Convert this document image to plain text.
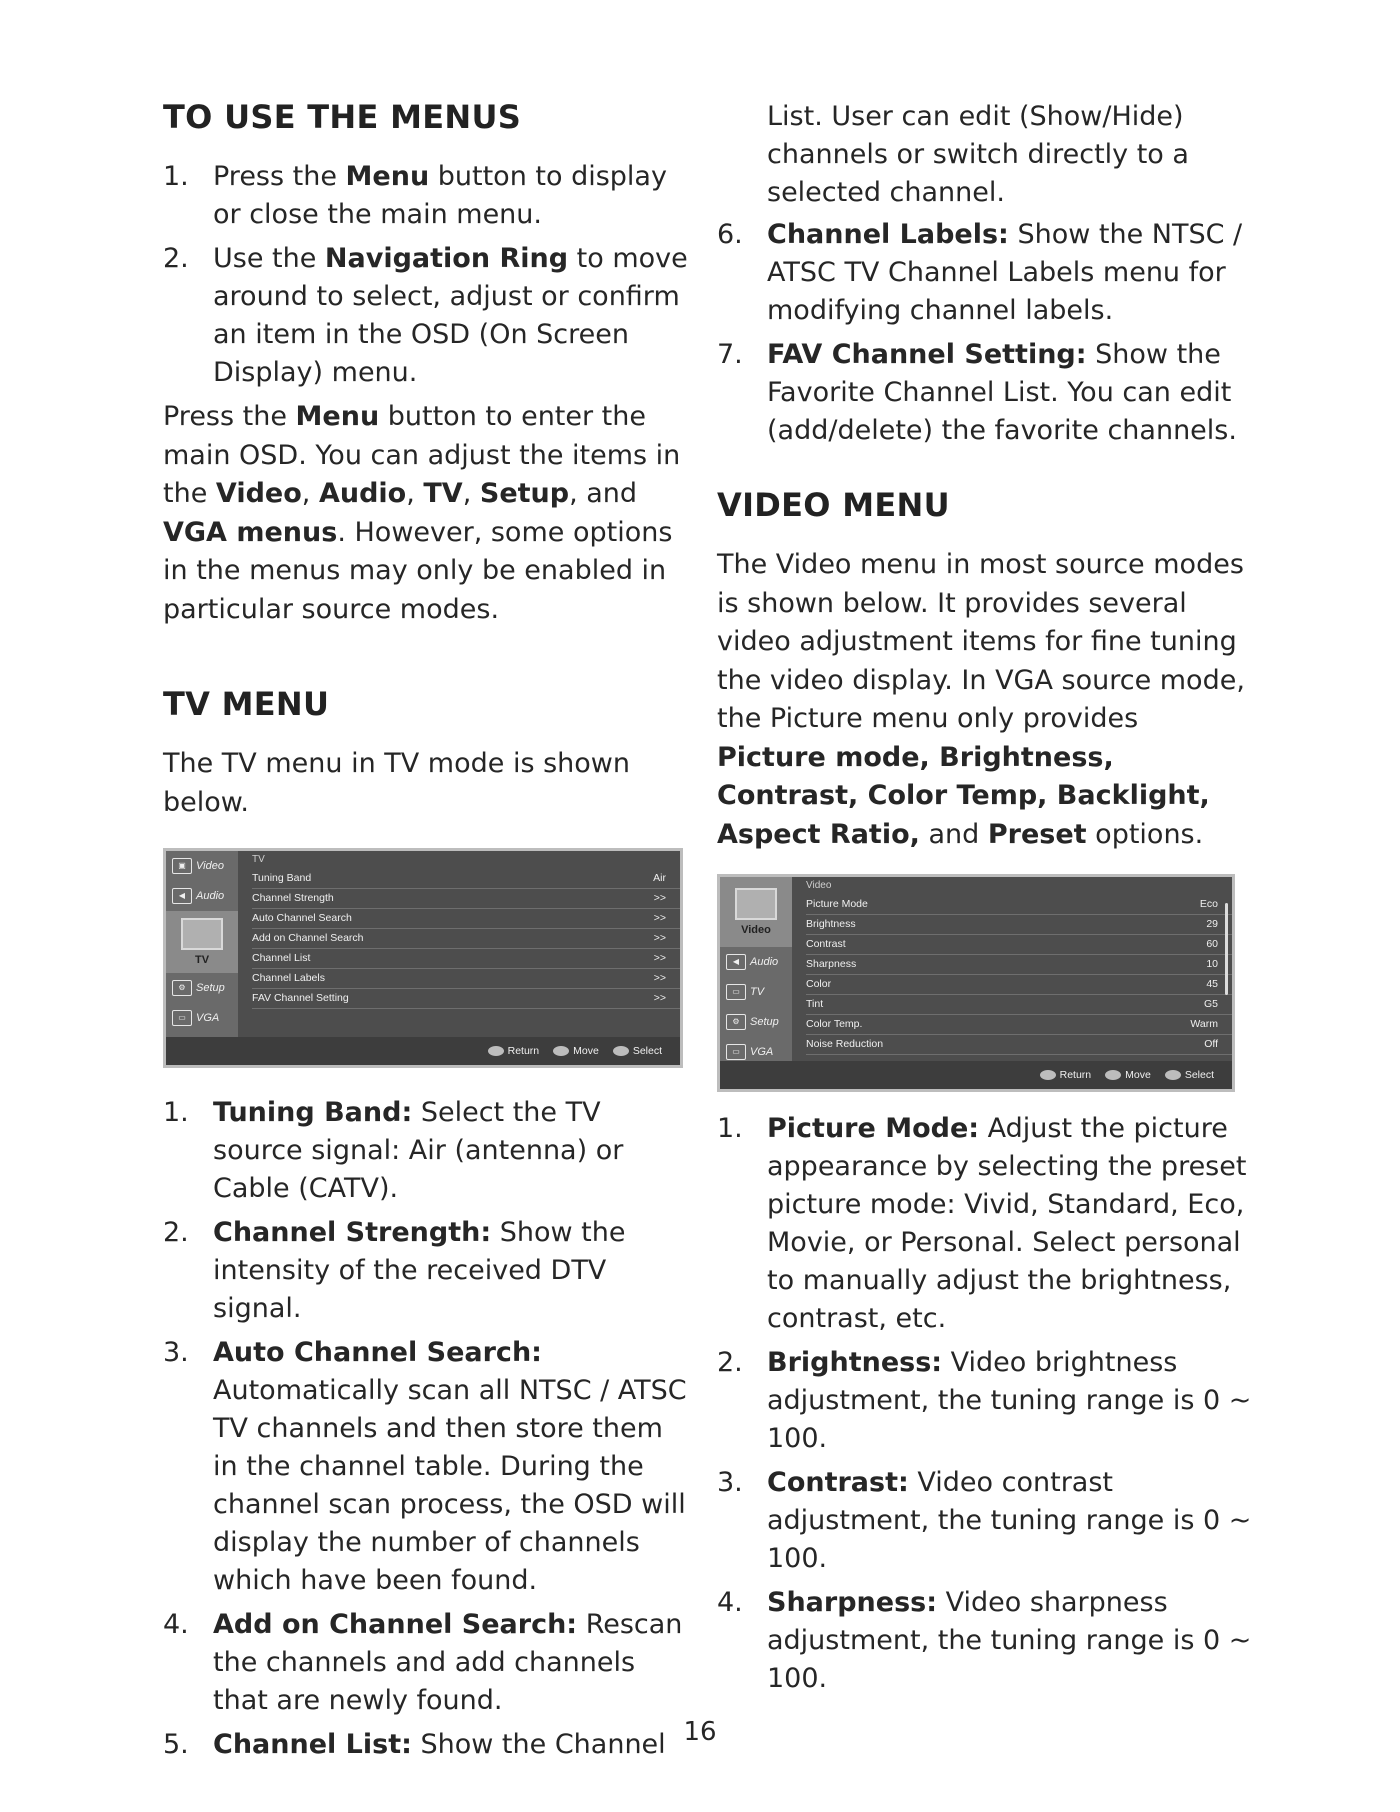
TO USE THE MENUS
1. Press the Menu button to display or close the main menu.
2. Use the Navigation Ring to move around to select, adjust or confirm an item in the OSD (On Screen Display) menu.

Press the Menu button to enter the main OSD. You can adjust the items in the Video, Audio, TV, Setup, and VGA menus. However, some options in the menus may only be enabled in particular source modes.

TV MENU

The TV menu in TV mode is shown below.

▣ Video
◀ Audio
TV
⚙ Setup
▭ VGA
TV
Tuning Band	Air
Channel Strength	>>
Auto Channel Search	>>
Add on Channel Search	>>
Channel List	>>
Channel Labels	>>
FAV Channel Setting	>>
Return	Move	Select
1. Tuning Band: Select the TV source signal: Air (antenna) or Cable (CATV).
2. Channel Strength: Show the intensity of the received DTV signal.
3. Auto Channel Search: Automatically scan all NTSC / ATSC TV channels and then store them in the channel table. During the channel scan process, the OSD will display the number of channels which have been found.
4. Add on Channel Search: Rescan the channels and add channels that are newly found.
5. Channel List: Show the Channel

List. User can edit (Show/Hide) channels or switch directly to a selected channel.

6. Channel Labels: Show the NTSC / ATSC TV Channel Labels menu for modifying channel labels.
7. FAV Channel Setting: Show the Favorite Channel List. You can edit (add/delete) the favorite channels.
VIDEO MENU

The Video menu in most source modes is shown below. It provides several video adjustment items for fine tuning the video display. In VGA source mode, the Picture menu only provides Picture mode, Brightness, Contrast, Color Temp, Backlight, Aspect Ratio, and Preset options.

Video
◀ Audio
▭ TV
⚙ Setup
▭ VGA
Video
Picture Mode	Eco
Brightness	29
Contrast	60
Sharpness	10
Color	45
Tint	G5
Color Temp.	Warm
Noise Reduction	Off
Return	Move	Select
1. Picture Mode: Adjust the picture appearance by selecting the preset picture mode: Vivid, Standard, Eco, Movie, or Personal. Select personal to manually adjust the brightness, contrast, etc.
2. Brightness: Video brightness adjustment, the tuning range is 0 ~ 100.
3. Contrast: Video contrast adjustment, the tuning range is 0 ~ 100.
4. Sharpness: Video sharpness adjustment, the tuning range is 0 ~ 100.
16
